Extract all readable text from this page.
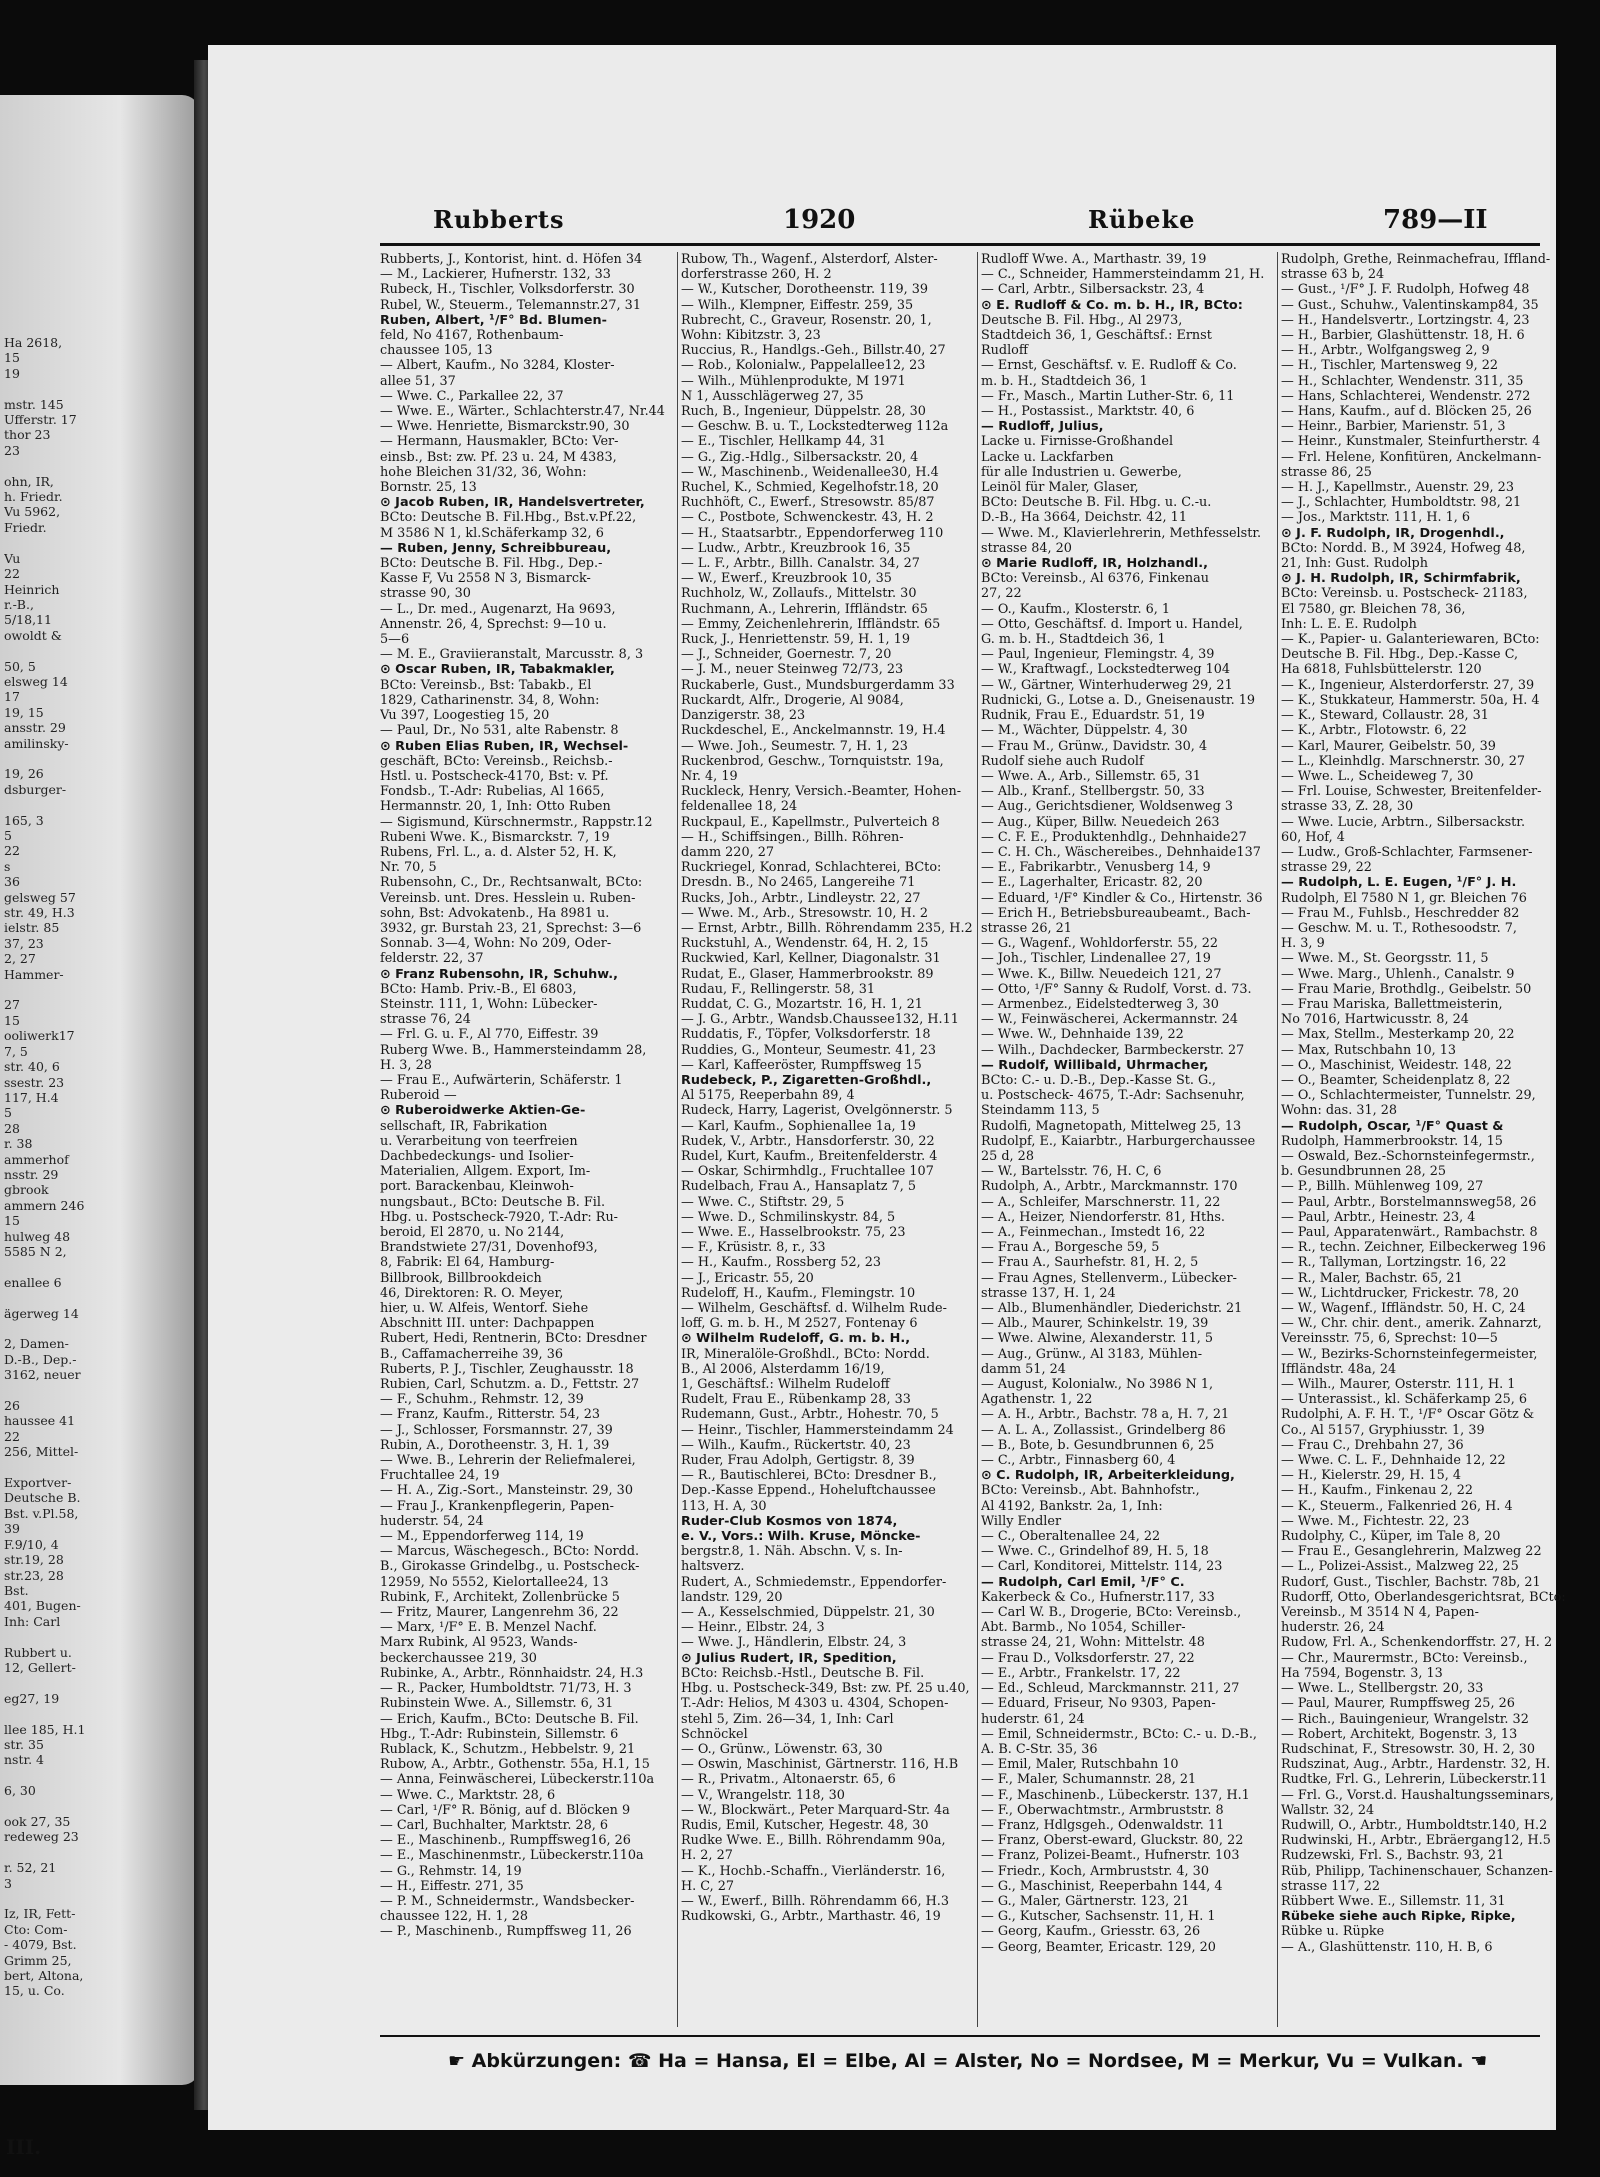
Ha 2618,
15
19

mstr. 145
Ufferstr. 17
thor 23
23

ohn, IR,
h. Friedr.
Vu 5962,
Friedr.

Vu
22
Heinrich
r.-B.,
5/18,11
owoldt &

50, 5
elsweg 14
17
19, 15
ansstr. 29
amilinsky-

19, 26
dsburger-

165, 3
5
22
s
36
gelsweg 57
str. 49, H.3
ielstr. 85
37, 23
2, 27
Hammer-

27
15
ooliwerk17
7, 5
str. 40, 6
ssestr. 23
117, H.4
5
28
r. 38
ammerhof
nsstr. 29
gbrook
ammern 246
15
hulweg 48
5585 N 2,

enallee 6

ägerweg 14

2, Damen-
D.-B., Dep.-
3162, neuer

26
haussee 41
22
256, Mittel-

Exportver-
Deutsche B.
Bst. v.Pl.58,
39
F.9/10, 4
str.19, 28
str.23, 28
Bst.
401, Bugen-
Inh: Carl

Rubbert u.
12, Gellert-

eg27, 19

llee 185, H.1
str. 35
nstr. 4

6, 30

ook 27, 35
redeweg 23

r. 52, 21
3

Iz, IR, Fett-
Cto: Com-
- 4079, Bst.
Grimm 25,
bert, Altona,
15, u. Co.
III.
Rubberts	1920	Rübeke	789—II
Rubberts, J., Kontorist, hint. d. Höfen 34
— M., Lackierer, Hufnerstr. 132, 33
Rubeck, H., Tischler, Volksdorferstr. 30
Rubel, W., Steuerm., Telemannstr.27, 31
Ruben, Albert, ¹/F° Bd. Blumen-
feld, No 4167, Rothenbaum-
chaussee 105, 13
— Albert, Kaufm., No 3284, Kloster-
allee 51, 37
— Wwe. C., Parkallee 22, 37
— Wwe. E., Wärter., Schlachterstr.47, Nr.44
— Wwe. Henriette, Bismarckstr.90, 30
— Hermann, Hausmakler, BCto: Ver-
einsb., Bst: zw. Pf. 23 u. 24, M 4383,
hohe Bleichen 31/32, 36, Wohn:
Bornstr. 25, 13
⊙ Jacob Ruben, IR, Handelsvertreter,
BCto: Deutsche B. Fil.Hbg., Bst.v.Pf.22,
M 3586 N 1, kl.Schäferkamp 32, 6
— Ruben, Jenny, Schreibbureau,
BCto: Deutsche B. Fil. Hbg., Dep.-
Kasse F, Vu 2558 N 3, Bismarck-
strasse 90, 30
— L., Dr. med., Augenarzt, Ha 9693,
Annenstr. 26, 4, Sprechst: 9—10 u.
5—6
— M. E., Graviieranstalt, Marcusstr. 8, 3
⊙ Oscar Ruben, IR, Tabakmakler,
BCto: Vereinsb., Bst: Tabakb., El
1829, Catharinenstr. 34, 8, Wohn:
Vu 397, Loogestieg 15, 20
— Paul, Dr., No 531, alte Rabenstr. 8
⊙ Ruben Elias Ruben, IR, Wechsel-
geschäft, BCto: Vereinsb., Reichsb.-
Hstl. u. Postscheck-4170, Bst: v. Pf.
Fondsb., T.-Adr: Rubelias, Al 1665,
Hermannstr. 20, 1, Inh: Otto Ruben
— Sigismund, Kürschnermstr., Rappstr.12
Rubeni Wwe. K., Bismarckstr. 7, 19
Rubens, Frl. L., a. d. Alster 52, H. K,
Nr. 70, 5
Rubensohn, C., Dr., Rechtsanwalt, BCto:
Vereinsb. unt. Dres. Hesslein u. Ruben-
sohn, Bst: Advokatenb., Ha 8981 u.
3932, gr. Burstah 23, 21, Sprechst: 3—6
Sonnab. 3—4, Wohn: No 209, Oder-
felderstr. 22, 37
⊙ Franz Rubensohn, IR, Schuhw.,
BCto: Hamb. Priv.-B., El 6803,
Steinstr. 111, 1, Wohn: Lübecker-
strasse 76, 24
— Frl. G. u. F., Al 770, Eiffestr. 39
Ruberg Wwe. B., Hammersteindamm 28,
H. 3, 28
— Frau E., Aufwärterin, Schäferstr. 1
Ruberoid —
⊙ Ruberoidwerke Aktien-Ge-
sellschaft, IR, Fabrikation
u. Verarbeitung von teerfreien
Dachbedeckungs- und Isolier-
Materialien, Allgem. Export, Im-
port. Barackenbau, Kleinwoh-
nungsbaut., BCto: Deutsche B. Fil.
Hbg. u. Postscheck-7920, T.-Adr: Ru-
beroid, El 2870, u. No 2144,
Brandstwiete 27/31, Dovenhof93,
8, Fabrik: El 64, Hamburg-
Billbrook, Billbrookdeich
46, Direktoren: R. O. Meyer,
hier, u. W. Alfeis, Wentorf. Siehe
Abschnitt III. unter: Dachpappen
Rubert, Hedi, Rentnerin, BCto: Dresdner
B., Caffamacherreihe 39, 36
Ruberts, P. J., Tischler, Zeughausstr. 18
Rubien, Carl, Schutzm. a. D., Fettstr. 27
— F., Schuhm., Rehmstr. 12, 39
— Franz, Kaufm., Ritterstr. 54, 23
— J., Schlosser, Forsmannstr. 27, 39
Rubin, A., Dorotheenstr. 3, H. 1, 39
— Wwe. B., Lehrerin der Reliefmalerei,
Fruchtallee 24, 19
— H. A., Zig.-Sort., Mansteinstr. 29, 30
— Frau J., Krankenpflegerin, Papen-
huderstr. 54, 24
— M., Eppendorferweg 114, 19
— Marcus, Wäschegesch., BCto: Nordd.
B., Girokasse Grindelbg., u. Postscheck-
12959, No 5552, Kielortallee24, 13
Rubink, F., Architekt, Zollenbrücke 5
— Fritz, Maurer, Langenrehm 36, 22
— Marx, ¹/F° E. B. Menzel Nachf.
Marx Rubink, Al 9523, Wands-
beckerchaussee 219, 30
Rubinke, A., Arbtr., Rönnhaidstr. 24, H.3
— R., Packer, Humboldtstr. 71/73, H. 3
Rubinstein Wwe. A., Sillemstr. 6, 31
— Erich, Kaufm., BCto: Deutsche B. Fil.
Hbg., T.-Adr: Rubinstein, Sillemstr. 6
Rublack, K., Schutzm., Hebbelstr. 9, 21
Rubow, A., Arbtr., Gothenstr. 55a, H.1, 15
— Anna, Feinwäscherei, Lübeckerstr.110a
— Wwe. C., Marktstr. 28, 6
— Carl, ¹/F° R. Bönig, auf d. Blöcken 9
— Carl, Buchhalter, Marktstr. 28, 6
— E., Maschinenb., Rumpffsweg16, 26
— E., Maschinenmstr., Lübeckerstr.110a
— G., Rehmstr. 14, 19
— H., Eiffestr. 271, 35
— P. M., Schneidermstr., Wandsbecker-
chaussee 122, H. 1, 28
— P., Maschinenb., Rumpffsweg 11, 26
Rubow, Th., Wagenf., Alsterdorf, Alster-
dorferstrasse 260, H. 2
— W., Kutscher, Dorotheenstr. 119, 39
— Wilh., Klempner, Eiffestr. 259, 35
Rubrecht, C., Graveur, Rosenstr. 20, 1,
Wohn: Kibitzstr. 3, 23
Ruccius, R., Handlgs.-Geh., Billstr.40, 27
— Rob., Kolonialw., Pappelallee12, 23
— Wilh., Mühlenprodukte, M 1971
N 1, Ausschlägerweg 27, 35
Ruch, B., Ingenieur, Düppelstr. 28, 30
— Geschw. B. u. T., Lockstedterweg 112a
— E., Tischler, Hellkamp 44, 31
— G., Zig.-Hdlg., Silbersackstr. 20, 4
— W., Maschinenb., Weidenallee30, H.4
Ruchel, K., Schmied, Kegelhofstr.18, 20
Ruchhöft, C., Ewerf., Stresowstr. 85/87
— C., Postbote, Schwenckestr. 43, H. 2
— H., Staatsarbtr., Eppendorferweg 110
— Ludw., Arbtr., Kreuzbrook 16, 35
— L. F., Arbtr., Billh. Canalstr. 34, 27
— W., Ewerf., Kreuzbrook 10, 35
Ruchholz, W., Zollaufs., Mittelstr. 30
Ruchmann, A., Lehrerin, Iffländstr. 65
— Emmy, Zeichenlehrerin, Iffländstr. 65
Ruck, J., Henriettenstr. 59, H. 1, 19
— J., Schneider, Goernestr. 7, 20
— J. M., neuer Steinweg 72/73, 23
Ruckaberle, Gust., Mundsburgerdamm 33
Ruckardt, Alfr., Drogerie, Al 9084,
Danzigerstr. 38, 23
Ruckdeschel, E., Anckelmannstr. 19, H.4
— Wwe. Joh., Seumestr. 7, H. 1, 23
Ruckenbrod, Geschw., Tornquiststr. 19a,
Nr. 4, 19
Ruckleck, Henry, Versich.-Beamter, Hohen-
feldenallee 18, 24
Ruckpaul, E., Kapellmstr., Pulverteich 8
— H., Schiffsingen., Billh. Röhren-
damm 220, 27
Ruckriegel, Konrad, Schlachterei, BCto:
Dresdn. B., No 2465, Langereihe 71
Rucks, Joh., Arbtr., Lindleystr. 22, 27
— Wwe. M., Arb., Stresowstr. 10, H. 2
— Ernst, Arbtr., Billh. Röhrendamm 235, H.2
Ruckstuhl, A., Wendenstr. 64, H. 2, 15
Ruckwied, Karl, Kellner, Diagonalstr. 31
Rudat, E., Glaser, Hammerbrookstr. 89
Rudau, F., Rellingerstr. 58, 31
Ruddat, C. G., Mozartstr. 16, H. 1, 21
— J. G., Arbtr., Wandsb.Chaussee132, H.11
Ruddatis, F., Töpfer, Volksdorferstr. 18
Ruddies, G., Monteur, Seumestr. 41, 23
— Karl, Kaffeeröster, Rumpffsweg 15
Rudebeck, P., Zigaretten-Großhdl.,
Al 5175, Reeperbahn 89, 4
Rudeck, Harry, Lagerist, Övelgönnerstr. 5
— Karl, Kaufm., Sophienallee 1a, 19
Rudek, V., Arbtr., Hansdorferstr. 30, 22
Rudel, Kurt, Kaufm., Breitenfelderstr. 4
— Oskar, Schirmhdlg., Fruchtallee 107
Rudelbach, Frau A., Hansaplatz 7, 5
— Wwe. C., Stiftstr. 29, 5
— Wwe. D., Schmilinskystr. 84, 5
— Wwe. E., Hasselbrookstr. 75, 23
— F., Krüsistr. 8, r., 33
— H., Kaufm., Rossberg 52, 23
— J., Ericastr. 55, 20
Rudeloff, H., Kaufm., Flemingstr. 10
— Wilhelm, Geschäftsf. d. Wilhelm Rude-
loff, G. m. b. H., M 2527, Fontenay 6
⊙ Wilhelm Rudeloff, G. m. b. H.,
IR, Mineralöle-Großhdl., BCto: Nordd.
B., Al 2006, Alsterdamm 16/19,
1, Geschäftsf.: Wilhelm Rudeloff
Rudelt, Frau E., Rübenkamp 28, 33
Rudemann, Gust., Arbtr., Hohestr. 70, 5
— Heinr., Tischler, Hammersteindamm 24
— Wilh., Kaufm., Rückertstr. 40, 23
Ruder, Frau Adolph, Gertigstr. 8, 39
— R., Bautischlerei, BCto: Dresdner B.,
Dep.-Kasse Eppend., Hoheluftchaussee
113, H. A, 30
Ruder-Club Kosmos von 1874,
e. V., Vors.: Wilh. Kruse, Möncke-
bergstr.8, 1. Näh. Abschn. V, s. In-
haltsverz.
Rudert, A., Schmiedemstr., Eppendorfer-
landstr. 129, 20
— A., Kesselschmied, Düppelstr. 21, 30
— Heinr., Elbstr. 24, 3
— Wwe. J., Händlerin, Elbstr. 24, 3
⊙ Julius Rudert, IR, Spedition,
BCto: Reichsb.-Hstl., Deutsche B. Fil.
Hbg. u. Postscheck-349, Bst: zw. Pf. 25 u.40,
T.-Adr: Helios, M 4303 u. 4304, Schopen-
stehl 5, Zim. 26—34, 1, Inh: Carl
Schnöckel
— O., Grünw., Löwenstr. 63, 30
— Oswin, Maschinist, Gärtnerstr. 116, H.B
— R., Privatm., Altonaerstr. 65, 6
— V., Wrangelstr. 118, 30
— W., Blockwärt., Peter Marquard-Str. 4a
Rudis, Emil, Kutscher, Hegestr. 48, 30
Rudke Wwe. E., Billh. Röhrendamm 90a,
H. 2, 27
— K., Hochb.-Schaffn., Vierländerstr. 16,
H. C, 27
— W., Ewerf., Billh. Röhrendamm 66, H.3
Rudkowski, G., Arbtr., Marthastr. 46, 19
Rudloff Wwe. A., Marthastr. 39, 19
— C., Schneider, Hammersteindamm 21, H.
— Carl, Arbtr., Silbersackstr. 23, 4
⊙ E. Rudloff & Co. m. b. H., IR, BCto:
Deutsche B. Fil. Hbg., Al 2973,
Stadtdeich 36, 1, Geschäftsf.: Ernst
Rudloff
— Ernst, Geschäftsf. v. E. Rudloff & Co.
m. b. H., Stadtdeich 36, 1
— Fr., Masch., Martin Luther-Str. 6, 11
— H., Postassist., Marktstr. 40, 6
— Rudloff, Julius,
Lacke u. Firnisse-Großhandel
Lacke u. Lackfarben
für alle Industrien u. Gewerbe,
Leinöl für Maler, Glaser,
BCto: Deutsche B. Fil. Hbg. u. C.-u.
D.-B., Ha 3664, Deichstr. 42, 11
— Wwe. M., Klavierlehrerin, Methfesselstr.
strasse 84, 20
⊙ Marie Rudloff, IR, Holzhandl.,
BCto: Vereinsb., Al 6376, Finkenau
27, 22
— O., Kaufm., Klosterstr. 6, 1
— Otto, Geschäftsf. d. Import u. Handel,
G. m. b. H., Stadtdeich 36, 1
— Paul, Ingenieur, Flemingstr. 4, 39
— W., Kraftwagf., Lockstedterweg 104
— W., Gärtner, Winterhuderweg 29, 21
Rudnicki, G., Lotse a. D., Gneisenaustr. 19
Rudnik, Frau E., Eduardstr. 51, 19
— M., Wächter, Düppelstr. 4, 30
— Frau M., Grünw., Davidstr. 30, 4
Rudolf siehe auch Rudolf
— Wwe. A., Arb., Sillemstr. 65, 31
— Alb., Kranf., Stellbergstr. 50, 33
— Aug., Gerichtsdiener, Woldsenweg 3
— Aug., Küper, Billw. Neuedeich 263
— C. F. E., Produktenhdlg., Dehnhaide27
— C. H. Ch., Wäschereibes., Dehnhaide137
— E., Fabrikarbtr., Venusberg 14, 9
— E., Lagerhalter, Ericastr. 82, 20
— Eduard, ¹/F° Kindler & Co., Hirtenstr. 36
— Erich H., Betriebsbureaubeamt., Bach-
strasse 26, 21
— G., Wagenf., Wohldorferstr. 55, 22
— Joh., Tischler, Lindenallee 27, 19
— Wwe. K., Billw. Neuedeich 121, 27
— Otto, ¹/F° Sanny & Rudolf, Vorst. d. 73.
— Armenbez., Eidelstedterweg 3, 30
— W., Feinwäscherei, Ackermannstr. 24
— Wwe. W., Dehnhaide 139, 22
— Wilh., Dachdecker, Barmbeckerstr. 27
— Rudolf, Willibald, Uhrmacher,
BCto: C.- u. D.-B., Dep.-Kasse St. G.,
u. Postscheck- 4675, T.-Adr: Sachsenuhr,
Steindamm 113, 5
Rudolfi, Magnetopath, Mittelweg 25, 13
Rudolpf, E., Kaiarbtr., Harburgerchaussee
25 d, 28
— W., Bartelsstr. 76, H. C, 6
Rudolph, A., Arbtr., Marckmannstr. 170
— A., Schleifer, Marschnerstr. 11, 22
— A., Heizer, Niendorferstr. 81, Hths.
— A., Feinmechan., Imstedt 16, 22
— Frau A., Borgesche 59, 5
— Frau A., Saurhefstr. 81, H. 2, 5
— Frau Agnes, Stellenverm., Lübecker-
strasse 137, H. 1, 24
— Alb., Blumenhändler, Diederichstr. 21
— Alb., Maurer, Schinkelstr. 19, 39
— Wwe. Alwine, Alexanderstr. 11, 5
— Aug., Grünw., Al 3183, Mühlen-
damm 51, 24
— August, Kolonialw., No 3986 N 1,
Agathenstr. 1, 22
— A. H., Arbtr., Bachstr. 78 a, H. 7, 21
— A. L. A., Zollassist., Grindelberg 86
— B., Bote, b. Gesundbrunnen 6, 25
— C., Arbtr., Finnasberg 60, 4
⊙ C. Rudolph, IR, Arbeiterkleidung,
BCto: Vereinsb., Abt. Bahnhofstr.,
Al 4192, Bankstr. 2a, 1, Inh:
Willy Endler
— C., Oberaltenallee 24, 22
— Wwe. C., Grindelhof 89, H. 5, 18
— Carl, Konditorei, Mittelstr. 114, 23
— Rudolph, Carl Emil, ¹/F° C.
Kakerbeck & Co., Hufnerstr.117, 33
— Carl W. B., Drogerie, BCto: Vereinsb.,
Abt. Barmb., No 1054, Schiller-
strasse 24, 21, Wohn: Mittelstr. 48
— Frau D., Volksdorferstr. 27, 22
— E., Arbtr., Frankelstr. 17, 22
— Ed., Schleud, Marckmannstr. 211, 27
— Eduard, Friseur, No 9303, Papen-
huderstr. 61, 24
— Emil, Schneidermstr., BCto: C.- u. D.-B.,
A. B. C-Str. 35, 36
— Emil, Maler, Rutschbahn 10
— F., Maler, Schumannstr. 28, 21
— F., Maschinenb., Lübeckerstr. 137, H.1
— F., Oberwachtmstr., Armbruststr. 8
— Franz, Hdlgsgeh., Odenwaldstr. 11
— Franz, Oberst-eward, Gluckstr. 80, 22
— Franz, Polizei-Beamt., Hufnerstr. 103
— Friedr., Koch, Armbruststr. 4, 30
— G., Maschinist, Reeperbahn 144, 4
— G., Maler, Gärtnerstr. 123, 21
— G., Kutscher, Sachsenstr. 11, H. 1
— Georg, Kaufm., Griesstr. 63, 26
— Georg, Beamter, Ericastr. 129, 20
Rudolph, Grethe, Reinmachefrau, Iffland-
strasse 63 b, 24
— Gust., ¹/F° J. F. Rudolph, Hofweg 48
— Gust., Schuhw., Valentinskamp84, 35
— H., Handelsvertr., Lortzingstr. 4, 23
— H., Barbier, Glashüttenstr. 18, H. 6
— H., Arbtr., Wolfgangsweg 2, 9
— H., Tischler, Martensweg 9, 22
— H., Schlachter, Wendenstr. 311, 35
— Hans, Schlachterei, Wendenstr. 272
— Hans, Kaufm., auf d. Blöcken 25, 26
— Heinr., Barbier, Marienstr. 51, 3
— Heinr., Kunstmaler, Steinfurtherstr. 4
— Frl. Helene, Konfitüren, Anckelmann-
strasse 86, 25
— H. J., Kapellmstr., Auenstr. 29, 23
— J., Schlachter, Humboldtstr. 98, 21
— Jos., Marktstr. 111, H. 1, 6
⊙ J. F. Rudolph, IR, Drogenhdl.,
BCto: Nordd. B., M 3924, Hofweg 48,
21, Inh: Gust. Rudolph
⊙ J. H. Rudolph, IR, Schirmfabrik,
BCto: Vereinsb. u. Postscheck- 21183,
El 7580, gr. Bleichen 78, 36,
Inh: L. E. E. Rudolph
— K., Papier- u. Galanteriewaren, BCto:
Deutsche B. Fil. Hbg., Dep.-Kasse C,
Ha 6818, Fuhlsbüttelerstr. 120
— K., Ingenieur, Alsterdorferstr. 27, 39
— K., Stukkateur, Hammerstr. 50a, H. 4
— K., Steward, Collaustr. 28, 31
— K., Arbtr., Flotowstr. 6, 22
— Karl, Maurer, Geibelstr. 50, 39
— L., Kleinhdlg. Marschnerstr. 30, 27
— Wwe. L., Scheideweg 7, 30
— Frl. Louise, Schwester, Breitenfelder-
strasse 33, Z. 28, 30
— Wwe. Lucie, Arbtrn., Silbersackstr.
60, Hof, 4
— Ludw., Groß-Schlachter, Farmsener-
strasse 29, 22
— Rudolph, L. E. Eugen, ¹/F° J. H.
Rudolph, El 7580 N 1, gr. Bleichen 76
— Frau M., Fuhlsb., Heschredder 82
— Geschw. M. u. T., Rothesoodstr. 7,
H. 3, 9
— Wwe. M., St. Georgsstr. 11, 5
— Wwe. Marg., Uhlenh., Canalstr. 9
— Frau Marie, Brothdlg., Geibelstr. 50
— Frau Mariska, Ballettmeisterin,
No 7016, Hartwicusstr. 8, 24
— Max, Stellm., Mesterkamp 20, 22
— Max, Rutschbahn 10, 13
— O., Maschinist, Weidestr. 148, 22
— O., Beamter, Scheidenplatz 8, 22
— O., Schlachtermeister, Tunnelstr. 29,
Wohn: das. 31, 28
— Rudolph, Oscar, ¹/F° Quast &
Rudolph, Hammerbrookstr. 14, 15
— Oswald, Bez.-Schornsteinfegermstr.,
b. Gesundbrunnen 28, 25
— P., Billh. Mühlenweg 109, 27
— Paul, Arbtr., Borstelmannsweg58, 26
— Paul, Arbtr., Heinestr. 23, 4
— Paul, Apparatenwärt., Rambachstr. 8
— R., techn. Zeichner, Eilbeckerweg 196
— R., Tallyman, Lortzingstr. 16, 22
— R., Maler, Bachstr. 65, 21
— W., Lichtdrucker, Frickestr. 78, 20
— W., Wagenf., Iffländstr. 50, H. C, 24
— W., Chr. chir. dent., amerik. Zahnarzt,
Vereinsstr. 75, 6, Sprechst: 10—5
— W., Bezirks-Schornsteinfegermeister,
Iffländstr. 48a, 24
— Wilh., Maurer, Osterstr. 111, H. 1
— Unterassist., kl. Schäferkamp 25, 6
Rudolphi, A. F. H. T., ¹/F° Oscar Götz &
Co., Al 5157, Gryphiusstr. 1, 39
— Frau C., Drehbahn 27, 36
— Wwe. C. L. F., Dehnhaide 12, 22
— H., Kielerstr. 29, H. 15, 4
— H., Kaufm., Finkenau 2, 22
— K., Steuerm., Falkenried 26, H. 4
— Wwe. M., Fichtestr. 22, 23
Rudolphy, C., Küper, im Tale 8, 20
— Frau E., Gesanglehrerin, Malzweg 22
— L., Polizei-Assist., Malzweg 22, 25
Rudorf, Gust., Tischler, Bachstr. 78b, 21
Rudorff, Otto, Oberlandesgerichtsrat, BCto:
Vereinsb., M 3514 N 4, Papen-
huderstr. 26, 24
Rudow, Frl. A., Schenkendorffstr. 27, H. 2
— Chr., Maurermstr., BCto: Vereinsb.,
Ha 7594, Bogenstr. 3, 13
— Wwe. L., Stellbergstr. 20, 33
— Paul, Maurer, Rumpffsweg 25, 26
— Rich., Bauingenieur, Wrangelstr. 32
— Robert, Architekt, Bogenstr. 3, 13
Rudschinat, F., Stresowstr. 30, H. 2, 30
Rudszinat, Aug., Arbtr., Hardenstr. 32, H.
Rudtke, Frl. G., Lehrerin, Lübeckerstr.11
— Frl. G., Vorst.d. Haushaltungsseminars,
Wallstr. 32, 24
Rudwill, O., Arbtr., Humboldtstr.140, H.2
Rudwinski, H., Arbtr., Ebräergang12, H.5
Rudzewski, Frl. S., Bachstr. 93, 21
Rüb, Philipp, Tachinenschauer, Schanzen-
strasse 117, 22
Rübbert Wwe. E., Sillemstr. 11, 31
Rübeke siehe auch Ripke, Ripke,
Rübke u. Rüpke
— A., Glashüttenstr. 110, H. B, 6
☛ Abkürzungen: ☎ Ha = Hansa, El = Elbe, Al = Alster, No = Nordsee, M = Merkur, Vu = Vulkan. ☚
